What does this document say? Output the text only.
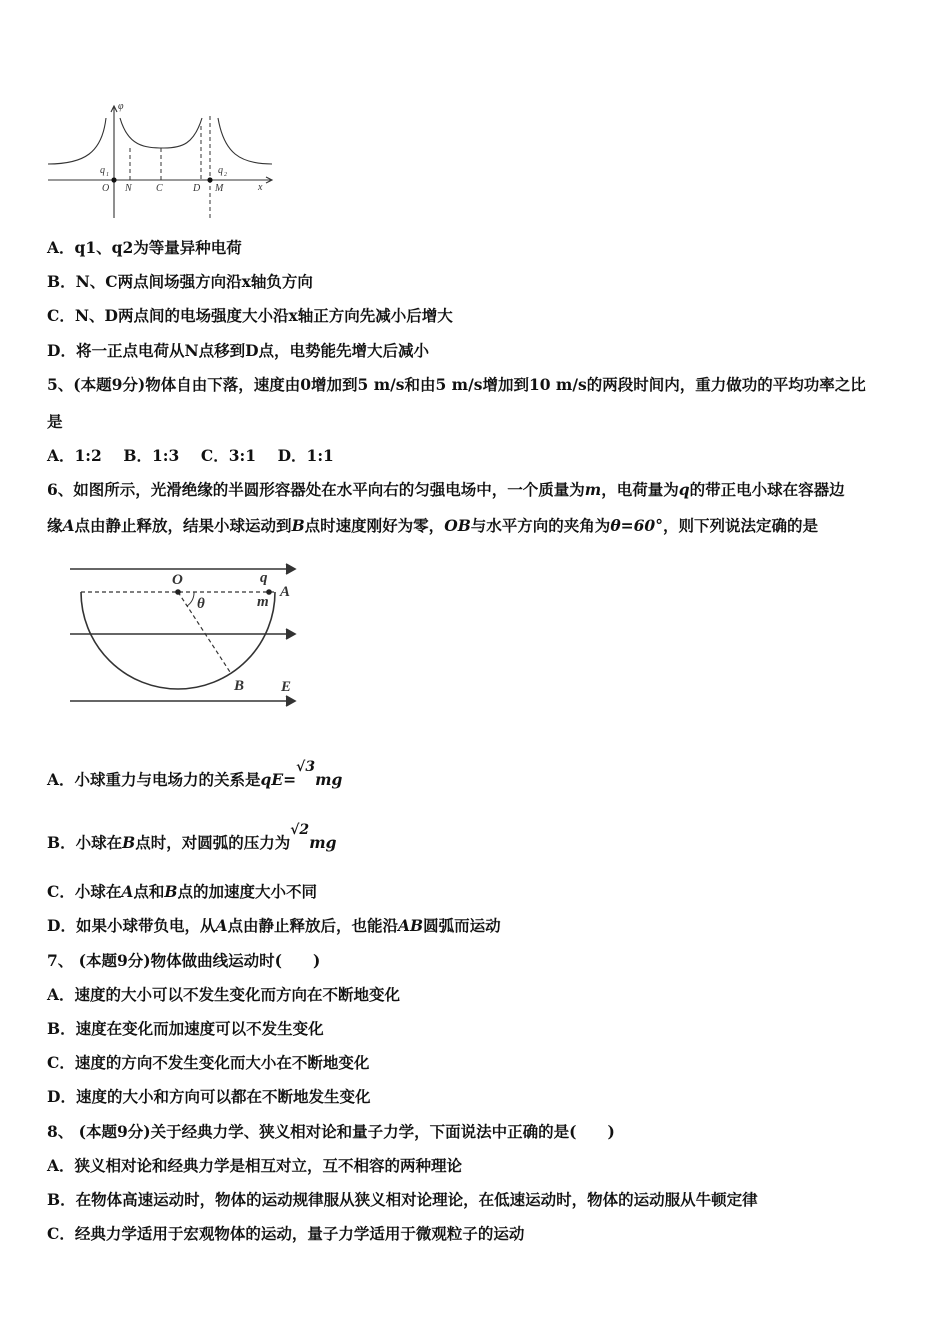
φ
x
q 1	q 2
O N C	D M
A．q1、q2为等量异种电荷
B．N、C两点间场强方向沿x轴负方向
C．N、D两点间的电场强度大小沿x轴正方向先减小后增大
D．将一正点电荷从N点移到D点，电势能先增大后减小
5、(本题9分)物体自由下落，速度由0增加到5 m/s和由5 m/s增加到10 m/s的两段时间内，重力做功的平均功率之比
是
A．1:2    B．1:3    C．3:1    D．1:1
6、如图所示，光滑绝缘的半圆形容器处在水平向右的匀强电场中，一个质量为m，电荷量为q的带正电小球在容器边
缘A点由静止释放，结果小球运动到B点时速度刚好为零，OB与水平方向的夹角为θ=60°，则下列说法定确的是
O	q
m
A
θ
B E
A．小球重力与电场力的关系是qE=√3mg
B．小球在B点时，对圆弧的压力为√2mg
C．小球在A点和B点的加速度大小不同
D．如果小球带负电，从A点由静止释放后，也能沿AB圆弧而运动
7、 (本题9分)物体做曲线运动时(　　)
A．速度的大小可以不发生变化而方向在不断地变化
B．速度在变化而加速度可以不发生变化
C．速度的方向不发生变化而大小在不断地变化
D．速度的大小和方向可以都在不断地发生变化
8、 (本题9分)关于经典力学、狭义相对论和量子力学，下面说法中正确的是(　　)
A．狭义相对论和经典力学是相互对立，互不相容的两种理论
B．在物体高速运动时，物体的运动规律服从狭义相对论理论，在低速运动时，物体的运动服从牛顿定律
C．经典力学适用于宏观物体的运动，量子力学适用于微观粒子的运动
